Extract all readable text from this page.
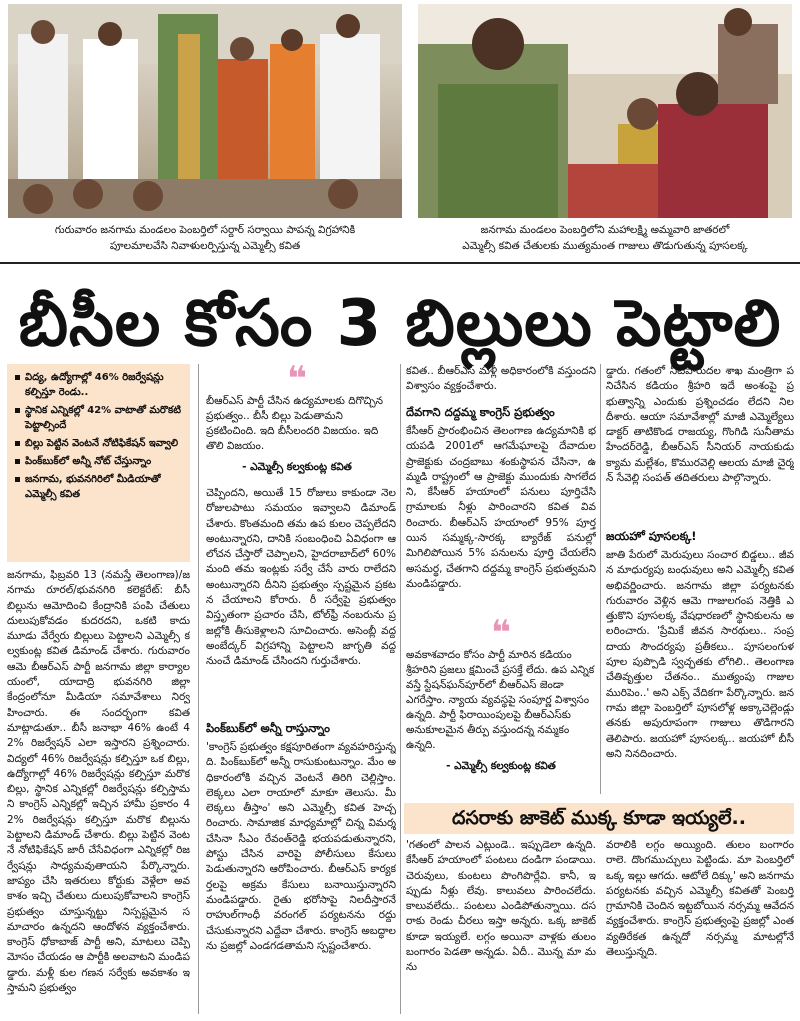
గురువారం జనగామ మండలం పెంబర్తిలో సర్దార్ సర్వాయి పాపన్న విగ్రహానికి
పూలమాలవేసి నివాళులర్పిస్తున్న ఎమ్మెల్సీ కవిత
జనగామ మండలం పెంబర్తిలోని మహాలక్ష్మి అమ్మవారి జాతరలో
ఎమ్మెల్సీ కవిత చేతులకు ముత్యమంత గాజులు తొడుగుతున్న పూసలక్క
బీసీల కోసం 3 బిల్లులు పెట్టాలి
విద్య, ఉద్యోగాల్లో 46% రిజర్వేషన్లు కల్పిస్తూ రెండు..
స్థానిక ఎన్నికల్లో 42% వాటాతో మరొకటి పెట్టాల్సిందే
బిల్లు పెట్టిన వెంటనే నోటిఫికేషన్ ఇవ్వాలి
పింక్‌బుక్‌లో అన్నీ నోట్ చేస్తున్నాం
జనగామ, భువనగిరిలో మీడియాతో ఎమ్మెల్సీ కవిత
జనగామ, ఫిబ్రవరి 13 (నమస్తే తెలంగాణ)/జనగామ రూరల్/భువనగిరి కలెక్టరేట్: బీసీ బిల్లును ఆమోదించి కేంద్రానికి పంపి చేతులు దులుపుకోవడం కుదరదని, ఒకటి కాదు మూడు వేర్వేరు బిల్లులు పెట్టాలని ఎమ్మెల్సీ కల్వకుంట్ల కవిత డిమాండ్ చేశారు. గురువారం ఆమె బీఆర్‌ఎస్ పార్టీ జనగామ జిల్లా కార్యాలయంలో, యాదాద్రి భువనగిరి జిల్లా కేంద్రంలోనూ మీడియా సమావేశాలు నిర్వహించారు. ఈ సందర్భంగా కవిత మాట్లాడుతూ.. బీసీ జనాభా 46% ఉంటే 42% రిజర్వేషన్ ఎలా ఇస్తారని ప్రశ్నించారు. విద్యలో 46% రిజర్వేషన్లు కల్పిస్తూ ఒక బిల్లు, ఉద్యోగాల్లో 46% రిజర్వేషన్లు కల్పిస్తూ మరొక బిల్లు, స్థానిక ఎన్నికల్లో రిజర్వేషన్లు కల్పిస్తామని కాంగ్రెస్ ఎన్నికల్లో ఇచ్చిన హామీ ప్రకారం 42% రిజర్వేషన్లు కల్పిస్తూ మరొక బిల్లును పెట్టాలని డిమాండ్ చేశారు. బిల్లు పెట్టిన వెంటనే నోటిఫికేషన్ జారీ చేసేవిధంగా ఎన్నికల్లో రిజర్వేషన్లు సాధ్యమవుతాయని పేర్కొన్నారు. జాప్యం చేసి ఇతరులు కోర్టుకు వెళ్లేలా అవకాశం ఇచ్చి చేతులు దులుపుకోవాలని కాంగ్రెస్ ప్రభుత్వం చూస్తున్నట్టు నిస్పష్టమైన సమాచారం ఉన్నదని ఆందోళన వ్యక్తంచేశారు. కాంగ్రెస్ ధోకాబాజ్ పార్టీ అని, మాటలు చెప్పి మోసం చేయడం ఆ పార్టీకి అలవాటని మండిపడ్డారు. మళ్లీ కుల గణన సర్వేకు అవకాశం ఇస్తామని ప్రభుత్వం
❝
బీఆర్‌ఎస్ పార్టీ చేసిన ఉద్యమాలకు దిగొచ్చిన ప్రభుత్వం.. బీసీ బిల్లు పెడుతామని ప్రకటించింది. ఇది బీసీలందరి విజయం. ఇది తొలి విజయం.
- ఎమ్మెల్సీ కల్వకుంట్ల కవిత
చెప్పిందని, అయితే 15 రోజులు కాకుండా నెల రోజులపాటు సమయం ఇవ్వాలని డిమాండ్ చేశారు. కొంతమంది తమ ఉప కులం చెప్పలేదని అంటున్నారని, దానికి సంబంధించి ఏవిధంగా ఆలోచన చేస్తారో చెప్పాలని, హైదరాబాద్‌లో 60% మంది తమ ఇంట్లకు సర్వే చేసే వారు రాలేదని అంటున్నారని దీనిని ప్రభుత్వం స్పష్టమైన ప్రకటన చేయాలని కోరారు. రీ సర్వేపై ప్రభుత్వం విస్తృతంగా ప్రచారం చేసి, టోల్‌ఫ్రీ నంబరును ప్రజల్లోకి తీసుకెళ్లాలని సూచించారు. అసెంబ్లీ వద్ద అంబేద్కర్ విగ్రహాన్ని పెట్టాలని జాగృతి వద్దనుంచే డిమాండ్ చేసిందని గుర్తుచేశారు.
పింక్‌బుక్‌లో అన్నీ రాస్తున్నాం
'కాంగ్రెస్ ప్రభుత్వం కక్షపూరితంగా వ్యవహరిస్తున్నది. పింక్‌బుక్‌లో అన్నీ రాసుకుంటున్నాం. మేం అధికారంలోకి వచ్చిన వెంటనే తిరిగి చెల్లిస్తాం. లెక్కలు ఎలా రాయాలో మాకూ తెలుసు. మీ లెక్కలు తీస్తాం' అని ఎమ్మెల్సీ కవిత హెచ్చరించారు. సామాజిక మాధ్యమాల్లో చిన్న విమర్శ చేసినా సీఎం రేవంత్‌రెడ్డి భయపడుతున్నారని, పోస్టు చేసిన వారిపై పోలీసులు కేసులు పెడుతున్నారని ఆరోపించారు. బీఆర్‌ఎస్ కార్యకర్తలపై అక్రమ కేసులు బనాయిస్తున్నారని మండిపడ్డారు. రైతు భరోసాపై నిలదీస్తారనే రాహుల్‌గాంధీ వరంగల్ పర్యటనను రద్దు చేసుకున్నారని ఎద్దేవా చేశారు. కాంగ్రెస్ అబద్ధాలను ప్రజల్లో ఎండగడతామని స్పష్టంచేశారు.
కవిత.. బీఆర్‌ఎస్ మళ్లీ అధికారంలోకి వస్తుందని విశ్వాసం వ్యక్తంచేశారు.
దేవగాని దద్దమ్మ కాంగ్రెస్ ప్రభుత్వం
కేసీఆర్ ప్రారంభించిన తెలంగాణ ఉద్యమానికి భయపడి 2001లో ఆగమేఘాలపై దేవాదుల ప్రాజెక్టుకు చంద్రబాబు శంకుస్థాపన చేసినా, ఉమ్మడి రాష్ట్రంలో ఆ ప్రాజెక్టు ముందుకు సాగలేదని, కేసీఆర్ హయాంలో పనులు పూర్తిచేసి గ్రామాలకు నీళ్లు పారించారని కవిత వివరించారు. బీఆర్‌ఎస్ హయాంలో 95% పూర్తయిన సమ్మక్క-సారక్క బ్యారేజ్ పనుల్లో మిగిలిపోయిన 5% పనులను పూర్తి చేయలేని అసమర్థ, చేతగాని దద్దమ్మ కాంగ్రెస్ ప్రభుత్వమని మండిపడ్డారు.
❝
అవకాశవాదం కోసం పార్టీ మారిన కడియం శ్రీహరిని ప్రజలు క్షమించే ప్రసక్తే లేదు. ఉప ఎన్నిక వస్తే స్టేషన్‌ఘన్‌పూర్‌లో బీఆర్‌ఎస్ జెండా ఎగరేస్తాం. న్యాయ వ్యవస్థపై సంపూర్ణ విశ్వాసం ఉన్నది. పార్టీ ఫిరాయింపులపై బీఆర్‌ఎస్‌కు అనుకూలమైన తీర్పు వస్తుందన్న నమ్మకం ఉన్నది.
- ఎమ్మెల్సీ కల్వకుంట్ల కవిత
డ్డారు. గతంలో నీటిపారుదల శాఖ మంత్రిగా పనిచేసిన కడియం శ్రీహరి ఇదే అంశంపై ప్రభుత్వాన్ని ఎందుకు ప్రశ్నించడం లేదని నిలదీశారు. ఆయా సమావేశాల్లో మాజీ ఎమ్మెల్యేలు డాక్టర్ తాటికొండ రాజయ్య, గొంగిడి సునీతామహేందర్‌రెడ్డి, బీఆర్‌ఎస్ సీనియర్ నాయకుడు క్యామ మల్లేశం, కొమురవెల్లి ఆలయ మాజీ చైర్మన్ సేవెల్లి సంపత్ తదితరులు పాల్గొన్నారు.
జయహో పూసలక్క!
జాతి పేరులో మెరుపులు సంచార బిడ్డలు.. జీవన మాధుర్యపు బంధువులు అని ఎమ్మెల్సీ కవిత అభివర్ణించారు. జనగామ జిల్లా పర్యటనకు గురువారం వెళ్లిన ఆమె గాజులగంప నెత్తికి ఎత్తుకొని పూసలక్క వేషధారణలో స్థానికులను అలరించారు. 'ప్రేమికే జీవన సారథులు.. సంప్రదాయ సౌందర్యపు ప్రతీకలు.. పూసలంగుళ పూల పుప్పొడి స్వచ్ఛతకు లోగిలి.. తెలంగాణ చేతివృత్తుల చేతనం.. ముత్యంపు గాజుల మురిపెం..' అని ఎక్స్ వేదికగా పేర్కొన్నారు. జనగామ జిల్లా పెంబర్తిలో పూసలోళ్ల అక్కాచెల్లెండ్లు తనకు అపురూపంగా గాజులు తొడిగారని తెలిపారు. జయహో పూసలక్క.. జయహో బీసీ అని నినదించారు.
దసరాకు జాకెట్ ముక్క కూడా ఇయ్యలే..
'గతంలో పాలన ఎట్లుండె.. ఇప్పుడెలా ఉన్నది. కేసీఆర్ హయాంలో పంటలు దండిగా పండాయి. చెరువులు, కుంటలు పొంగిపొర్లేవి. కానీ, ఇప్పుడు నీళ్లు లేవు. కాలువలు పారించలేదు. కాలువలేదు.. పంటలు ఎండిపోతున్నాయి. దసరాకు రెండు చీరలు ఇస్తా అన్నరు. ఒక్క జాకెట్ కూడా ఇయ్యలే. లగ్గం అయినా వాళ్లకు తులం బంగారం పెడతా అన్నడు. ఏదీ.. మొన్న మా మను
వరాలికి లగ్గం అయ్యింది. తులం బంగారం రాలె. దొంగముచ్చులు పెట్టిండు. మా పెంబర్తిలో ఒక్క ఇల్లు ఆగదు. ఆటోలే దిక్కు' అని జనగామ పర్యటనకు వచ్చిన ఎమ్మెల్సీ కవితతో పెంబర్తి గ్రామానికి చెందిన ఇట్టబోయిన నర్సమ్మ ఆవేదన వ్యక్తంచేశారు. కాంగ్రెస్ ప్రభుత్వంపై ప్రజల్లో ఎంత వ్యతిరేకత ఉన్నదో నర్సమ్మ మాటల్లోనే తెలుస్తున్నది.
